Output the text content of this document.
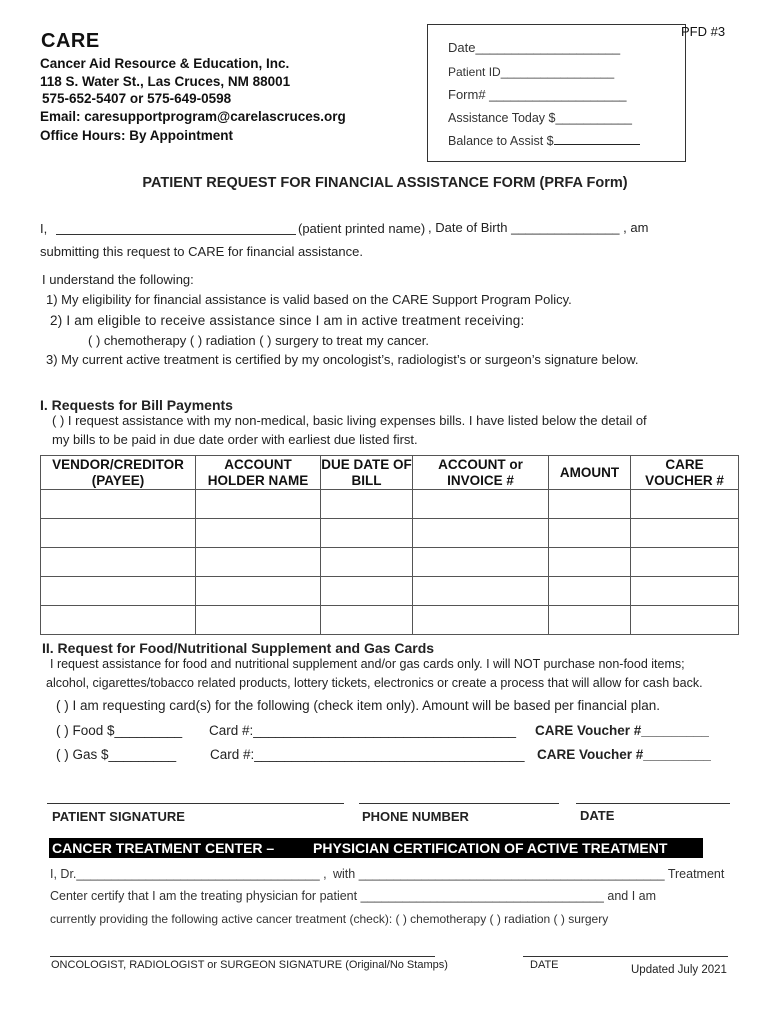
CARE
Cancer Aid Resource & Education, Inc.
118 S. Water St., Las Cruces, NM 88001
575-652-5407 or 575-649-0598
Email: caresupportprogram@carelascruces.org
Office Hours: By Appointment
Date____________________
Patient ID_________________
Form# ___________________
Assistance Today $___________
Balance to Assist $
PFD #3
PATIENT REQUEST FOR FINANCIAL ASSISTANCE FORM (PRFA Form)
I,	(patient printed name) , Date of Birth _______________ , am
submitting this request to CARE for financial assistance.
I understand the following:
1) My eligibility for financial assistance is valid based on the CARE Support Program Policy.
2) I am eligible to receive assistance since I am in active treatment receiving:
( ) chemotherapy ( ) radiation ( ) surgery to treat my cancer.
3) My current active treatment is certified by my oncologist’s, radiologist’s or surgeon’s signature below.
I. Requests for Bill Payments
( ) I request assistance with my non-medical, basic living expenses bills. I have listed below the detail of
my bills to be paid in due date order with earliest due listed first.
VENDOR/CREDITOR (PAYEE)	ACCOUNT HOLDER NAME	DUE DATE OF BILL	ACCOUNT or INVOICE #	AMOUNT	CARE VOUCHER #

II. Request for Food/Nutritional Supplement and Gas Cards
I request assistance for food and nutritional supplement and/or gas cards only. I will NOT purchase non-food items;
alcohol, cigarettes/tobacco related products, lottery tickets, electronics or create a process that will allow for cash back.
( ) I am requesting card(s) for the following (check item only). Amount will be based per financial plan.
( ) Food $_________ Card #:___________________________________ CARE Voucher #_________
( ) Gas $_________	Card #:____________________________________ CARE Voucher #_________
PATIENT SIGNATURE	PHONE NUMBER	DATE
CANCER TREATMENT CENTER –	PHYSICIAN CERTIFICATION OF ACTIVE TREATMENT
I, Dr.___________________________________ , with ____________________________________________ Treatment
Center certify that I am the treating physician for patient ___________________________________ and I am
currently providing the following active cancer treatment (check): ( ) chemotherapy ( ) radiation ( ) surgery
ONCOLOGIST, RADIOLOGIST or SURGEON SIGNATURE (Original/No Stamps)	DATE	Updated July 2021
